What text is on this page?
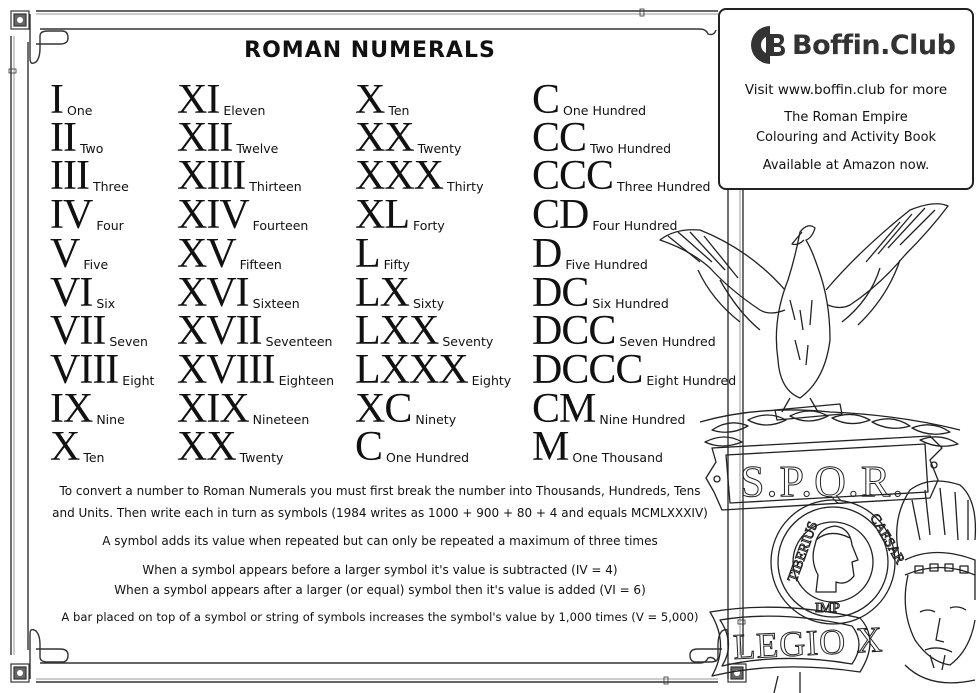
ROMAN NUMERALS
I One
II Two
III Three
IV Four
V Five
VI Six
VII Seven
VIII Eight
IX Nine
X Ten
XI Eleven
XII Twelve
XIII Thirteen
XIV Fourteen
XV Fifteen
XVI Sixteen
XVII Seventeen
XVIII Eighteen
XIX Nineteen
XX Twenty
X Ten
XX Twenty
XXX Thirty
XL Forty
L Fifty
LX Sixty
LXX Seventy
LXXX Eighty
XC Ninety
C One Hundred
C One Hundred
CC Two Hundred
CCC Three Hundred
CD Four Hundred
D Five Hundred
DC Six Hundred
DCC Seven Hundred
DCCC Eight Hundred
CM Nine Hundred
M One Thousand

To convert a number to Roman Numerals you must first break the number into Thousands, Hundreds, Tens

and Units. Then write each in turn as symbols (1984 writes as 1000 + 900 + 80 + 4 and equals MCMLXXXIV)

A symbol adds its value when repeated but can only be repeated a maximum of three times

When a symbol appears before a larger symbol it's value is subtracted (IV = 4)

When a symbol appears after a larger (or equal) symbol then it's value is added (VI = 6)

A bar placed on top of a symbol or string of symbols increases the symbol's value by 1,000 times (V = 5,000)

S.P.Q.R.
LEGIO X
IMP
TIBERIUS	CAESAR
Boffin.Club
Visit www.boffin.club for more
The Roman Empire
Colouring and Activity Book
Available at Amazon now.
